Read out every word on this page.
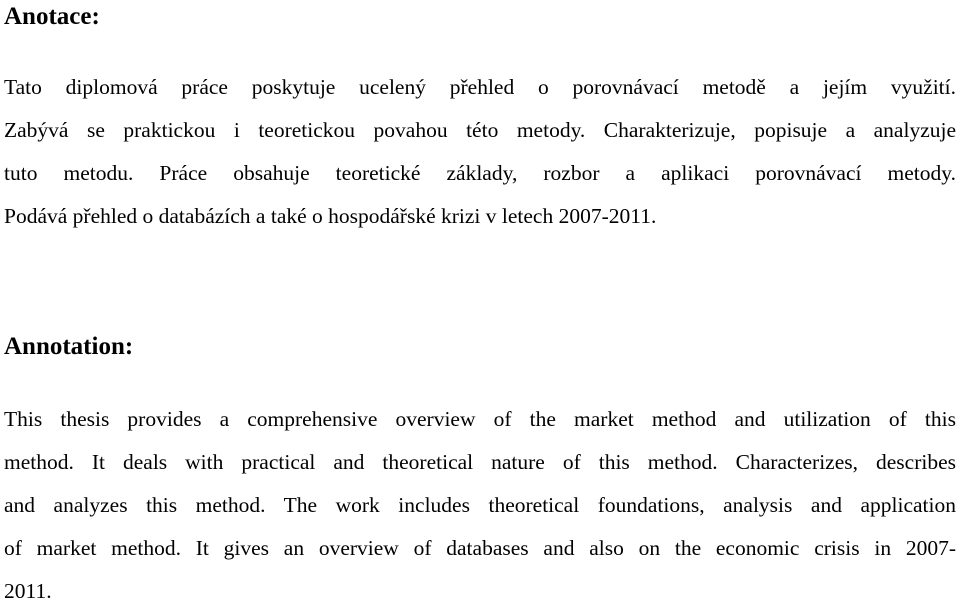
Anotace:
Tato diplomová práce poskytuje ucelený přehled o porovnávací metodě a jejím využití.
Zabývá se praktickou i teoretickou povahou této metody. Charakterizuje, popisuje a analyzuje
tuto metodu. Práce obsahuje teoretické základy, rozbor a aplikaci porovnávací metody.
Podává přehled o databázích a také o hospodářské krizi v letech 2007-2011.
Annotation:
This thesis provides a comprehensive overview of the market method and utilization of this
method. It deals with practical and theoretical nature of this method. Characterizes, describes
and analyzes this method. The work includes theoretical foundations, analysis and application
of market method. It gives an overview of databases and also on the economic crisis in 2007-
2011.
